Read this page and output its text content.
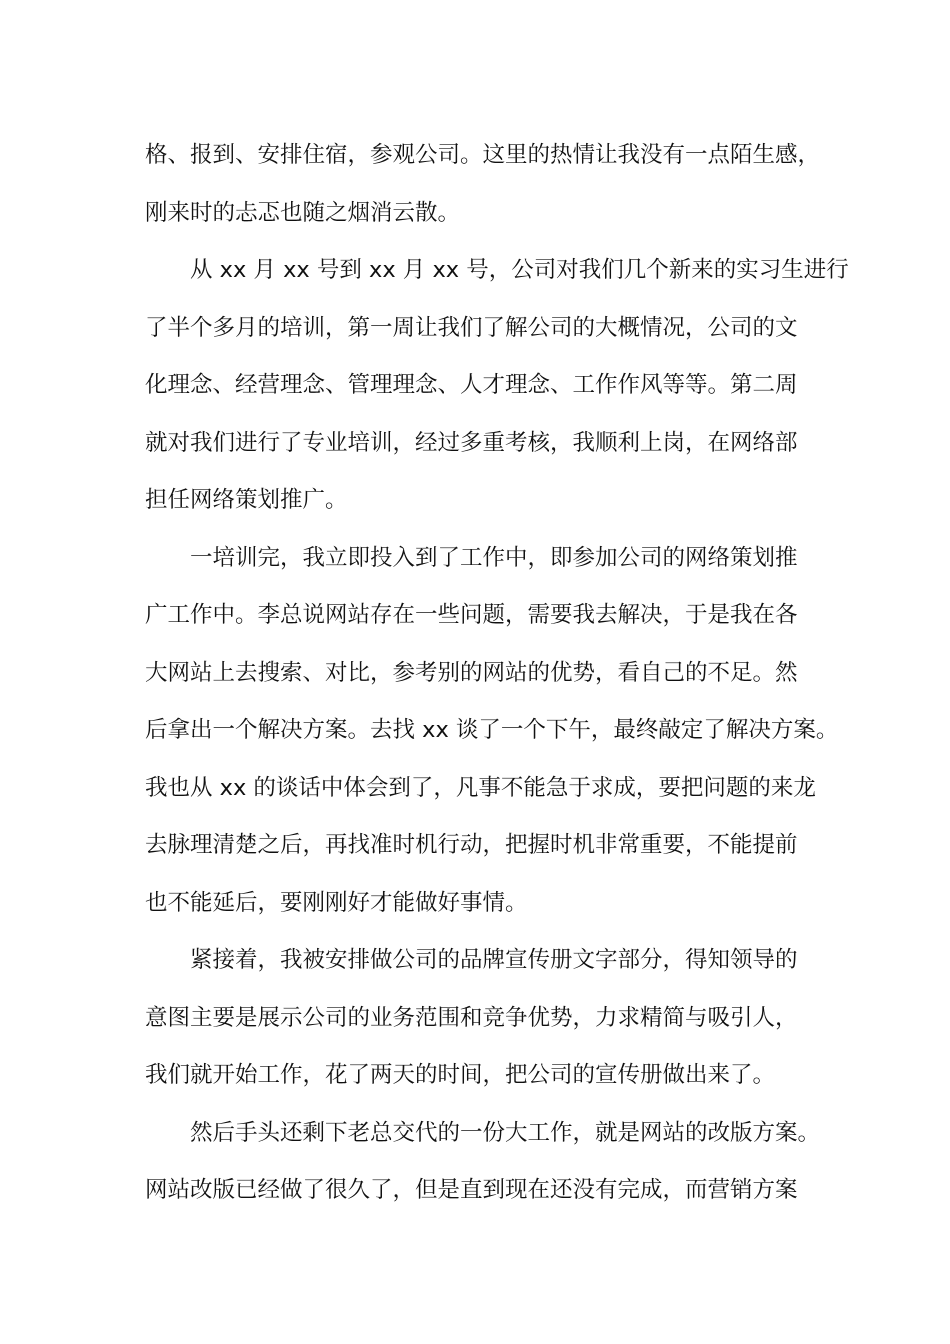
格、报到、安排住宿，参观公司。这里的热情让我没有一点陌生感，
刚来时的忐忑也随之烟消云散。
从 xx 月 xx 号到 xx 月 xx 号，公司对我们几个新来的实习生进行
了半个多月的培训，第一周让我们了解公司的大概情况，公司的文
化理念、经营理念、管理理念、人才理念、工作作风等等。第二周
就对我们进行了专业培训，经过多重考核，我顺利上岗，在网络部
担任网络策划推广。
一培训完，我立即投入到了工作中，即参加公司的网络策划推
广工作中。李总说网站存在一些问题，需要我去解决，于是我在各
大网站上去搜索、对比，参考别的网站的优势，看自己的不足。然
后拿出一个解决方案。去找 xx 谈了一个下午，最终敲定了解决方案。
我也从 xx 的谈话中体会到了，凡事不能急于求成，要把问题的来龙
去脉理清楚之后，再找准时机行动，把握时机非常重要，不能提前
也不能延后，要刚刚好才能做好事情。
紧接着，我被安排做公司的品牌宣传册文字部分，得知领导的
意图主要是展示公司的业务范围和竞争优势，力求精简与吸引人，
我们就开始工作，花了两天的时间，把公司的宣传册做出来了。
然后手头还剩下老总交代的一份大工作，就是网站的改版方案。
网站改版已经做了很久了，但是直到现在还没有完成，而营销方案
